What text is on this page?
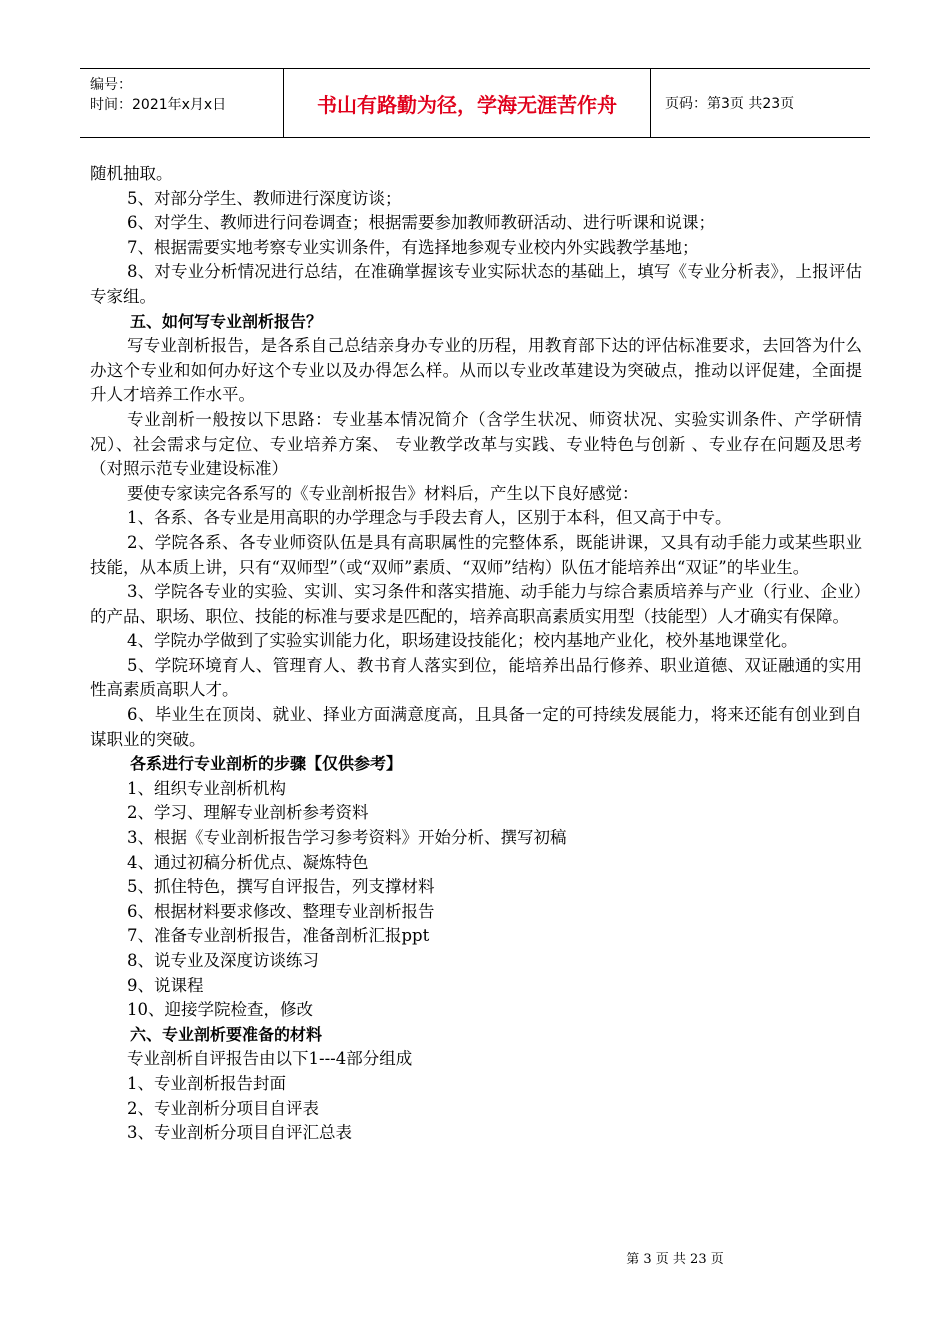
编号：
时间：2021年x月x日	书山有路勤为径，学海无涯苦作舟	页码：第3页 共23页

随机抽取。

5、对部分学生、教师进行深度访谈；

6、对学生、教师进行问卷调查；根据需要参加教师教研活动、进行听课和说课；

7、根据需要实地考察专业实训条件，有选择地参观专业校内外实践教学基地；

8、对专业分析情况进行总结，在准确掌握该专业实际状态的基础上，填写《专业分析表》，上报评估专家组。

五、如何写专业剖析报告？

写专业剖析报告，是各系自己总结亲身办专业的历程，用教育部下达的评估标准要求，去回答为什么办这个专业和如何办好这个专业以及办得怎么样。从而以专业改革建设为突破点，推动以评促建，全面提升人才培养工作水平。

专业剖析一般按以下思路：专业基本情况简介（含学生状况、师资状况、实验实训条件、产学研情况）、社会需求与定位、专业培养方案、 专业教学改革与实践、专业特色与创新 、专业存在问题及思考（对照示范专业建设标准）

要使专家读完各系写的《专业剖析报告》材料后，产生以下良好感觉：

1、各系、各专业是用高职的办学理念与手段去育人，区别于本科，但又高于中专。

2、学院各系、各专业师资队伍是具有高职属性的完整体系，既能讲课，又具有动手能力或某些职业技能，从本质上讲，只有“双师型”（或“双师”素质、“双师”结构）队伍才能培养出“双证”的毕业生。

3、学院各专业的实验、实训、实习条件和落实措施、动手能力与综合素质培养与产业（行业、企业）的产品、职场、职位、技能的标准与要求是匹配的，培养高职高素质实用型（技能型）人才确实有保障。

4、学院办学做到了实验实训能力化，职场建设技能化；校内基地产业化，校外基地课堂化。

5、学院环境育人、管理育人、教书育人落实到位，能培养出品行修养、职业道德、双证融通的实用性高素质高职人才。

6、毕业生在顶岗、就业、择业方面满意度高，且具备一定的可持续发展能力，将来还能有创业到自谋职业的突破。

各系进行专业剖析的步骤【仅供参考】

1、组织专业剖析机构

2、学习、理解专业剖析参考资料

3、根据《专业剖析报告学习参考资料》开始分析、撰写初稿

4、通过初稿分析优点、凝炼特色

5、抓住特色，撰写自评报告，列支撑材料

6、根据材料要求修改、整理专业剖析报告

7、准备专业剖析报告，准备剖析汇报ppt

8、说专业及深度访谈练习

9、说课程

10、迎接学院检查，修改

六、专业剖析要准备的材料

专业剖析自评报告由以下1---4部分组成

1、专业剖析报告封面

2、专业剖析分项目自评表

3、专业剖析分项目自评汇总表

第 3 页 共 23 页
